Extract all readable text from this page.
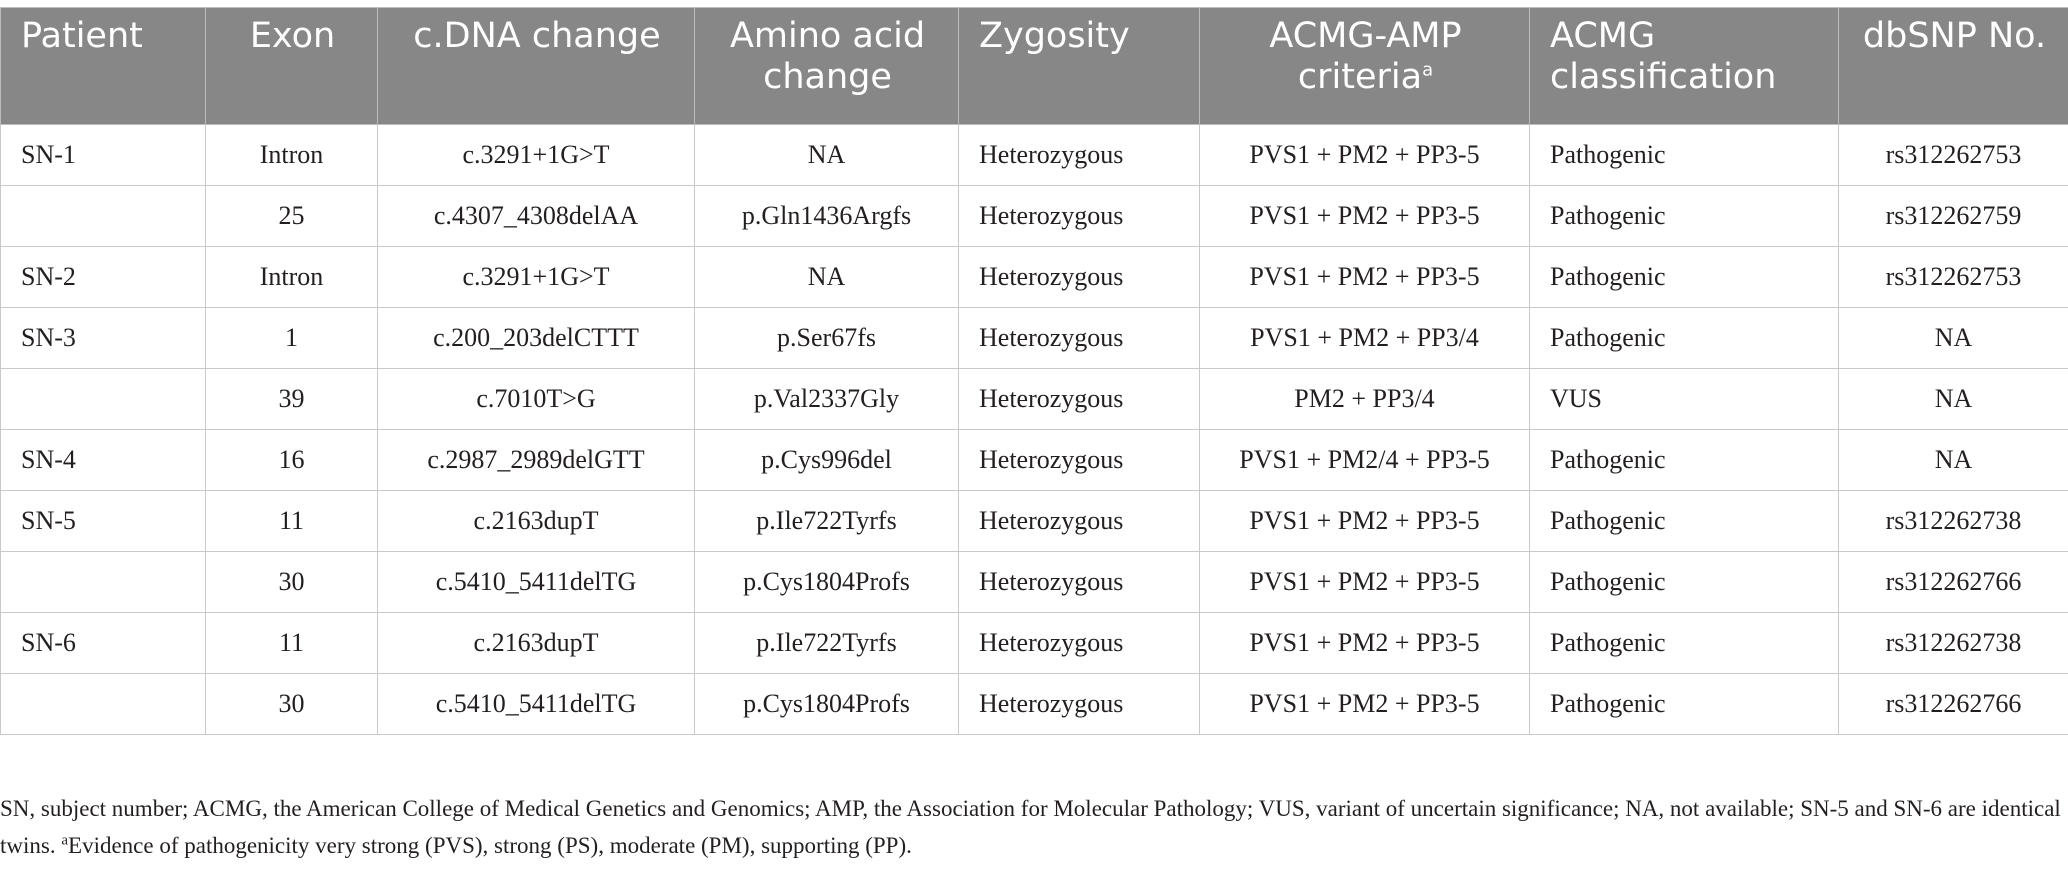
Patient	Exon	c.DNA change	Amino acid change	Zygosity	ACMG-AMP criteria$^a$	ACMG classification	dbSNP No.
SN-1	Intron	c.3291+1G>T	NA	Heterozygous	PVS1 + PM2 + PP3-5	Pathogenic	rs312262753
	25	c.4307_4308delAA	p.Gln1436Argfs	Heterozygous	PVS1 + PM2 + PP3-5	Pathogenic	rs312262759
SN-2	Intron	c.3291+1G>T	NA	Heterozygous	PVS1 + PM2 + PP3-5	Pathogenic	rs312262753
SN-3	1	c.200_203delCTTT	p.Ser67fs	Heterozygous	PVS1 + PM2 + PP3/4	Pathogenic	NA
	39	c.7010T>G	p.Val2337Gly	Heterozygous	PM2 + PP3/4	VUS	NA
SN-4	16	c.2987_2989delGTT	p.Cys996del	Heterozygous	PVS1 + PM2/4 + PP3-5	Pathogenic	NA
SN-5	11	c.2163dupT	p.Ile722Tyrfs	Heterozygous	PVS1 + PM2 + PP3-5	Pathogenic	rs312262738
	30	c.5410_5411delTG	p.Cys1804Profs	Heterozygous	PVS1 + PM2 + PP3-5	Pathogenic	rs312262766
SN-6	11	c.2163dupT	p.Ile722Tyrfs	Heterozygous	PVS1 + PM2 + PP3-5	Pathogenic	rs312262738
	30	c.5410_5411delTG	p.Cys1804Profs	Heterozygous	PVS1 + PM2 + PP3-5	Pathogenic	rs312262766

SN, subject number; ACMG, the American College of Medical Genetics and Genomics; AMP, the Association for Molecular Pathology; VUS, variant of uncertain significance; NA, not available; SN-5 and SN-6 are identical twins. $^a$Evidence of pathogenicity very strong (PVS), strong (PS), moderate (PM), supporting (PP).
